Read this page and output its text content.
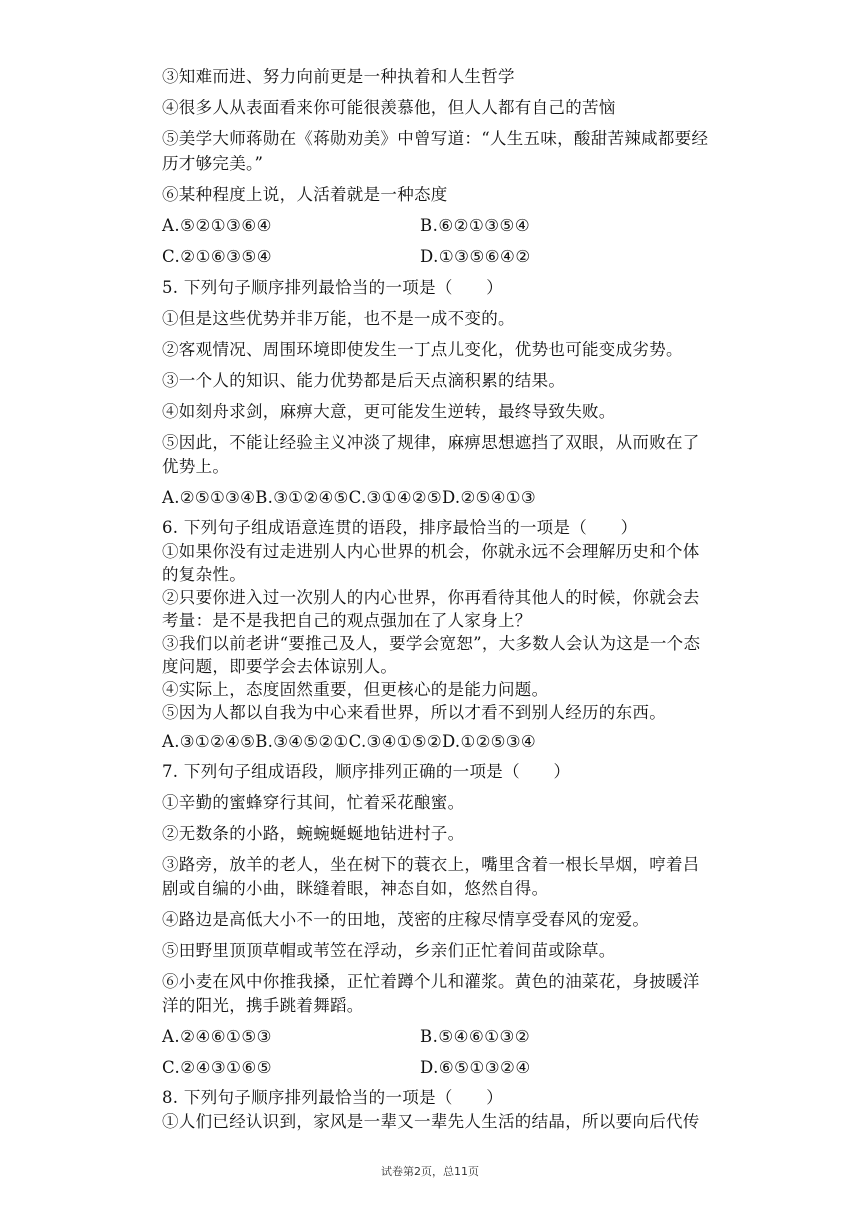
③知难而进、努力向前更是一种执着和人生哲学
④很多人从表面看来你可能很羡慕他，但人人都有自己的苦恼
⑤美学大师蒋勋在《蒋勋劝美》中曾写道：“人生五味，酸甜苦辣咸都要经
历才够完美。”
⑥某种程度上说，人活着就是一种态度
A.⑤②①③⑥④	B.⑥②①③⑤④
C.②①⑥③⑤④	D.①③⑤⑥④②
5. 下列句子顺序排列最恰当的一项是（　　）
①但是这些优势并非万能，也不是一成不变的。
②客观情况、周围环境即使发生一丁点儿变化，优势也可能变成劣势。
③一个人的知识、能力优势都是后天点滴积累的结果。
④如刻舟求剑，麻痹大意，更可能发生逆转，最终导致失败。
⑤因此，不能让经验主义冲淡了规律，麻痹思想遮挡了双眼，从而败在了
优势上。
A.②⑤①③④B.③①②④⑤C.③①④②⑤D.②⑤④①③
6. 下列句子组成语意连贯的语段，排序最恰当的一项是（　　）
①如果你没有过走进别人内心世界的机会，你就永远不会理解历史和个体
的复杂性。
②只要你进入过一次别人的内心世界，你再看待其他人的时候，你就会去
考量：是不是我把自己的观点强加在了人家身上？
③我们以前老讲“要推己及人，要学会宽恕”，大多数人会认为这是一个态
度问题，即要学会去体谅别人。
④实际上，态度固然重要，但更核心的是能力问题。
⑤因为人都以自我为中心来看世界，所以才看不到别人经历的东西。
A.③①②④⑤B.③④⑤②①C.③④①⑤②D.①②⑤③④
7. 下列句子组成语段，顺序排列正确的一项是（　　）
①辛勤的蜜蜂穿行其间，忙着采花酿蜜。
②无数条的小路，蜿蜿蜒蜒地钻进村子。
③路旁，放羊的老人，坐在树下的蓑衣上，嘴里含着一根长旱烟，哼着吕
剧或自编的小曲，眯缝着眼，神态自如，悠然自得。
④路边是高低大小不一的田地，茂密的庄稼尽情享受春风的宠爱。
⑤田野里顶顶草帽或苇笠在浮动，乡亲们正忙着间苗或除草。
⑥小麦在风中你推我搡，正忙着蹲个儿和灌浆。黄色的油菜花，身披暖洋
洋的阳光，携手跳着舞蹈。
A.②④⑥①⑤③	B.⑤④⑥①③②
C.②④③①⑥⑤	D.⑥⑤①③②④
8. 下列句子顺序排列最恰当的一项是（　　）
①人们已经认识到，家风是一辈又一辈先人生活的结晶，所以要向后代传
试卷第2页，总11页
